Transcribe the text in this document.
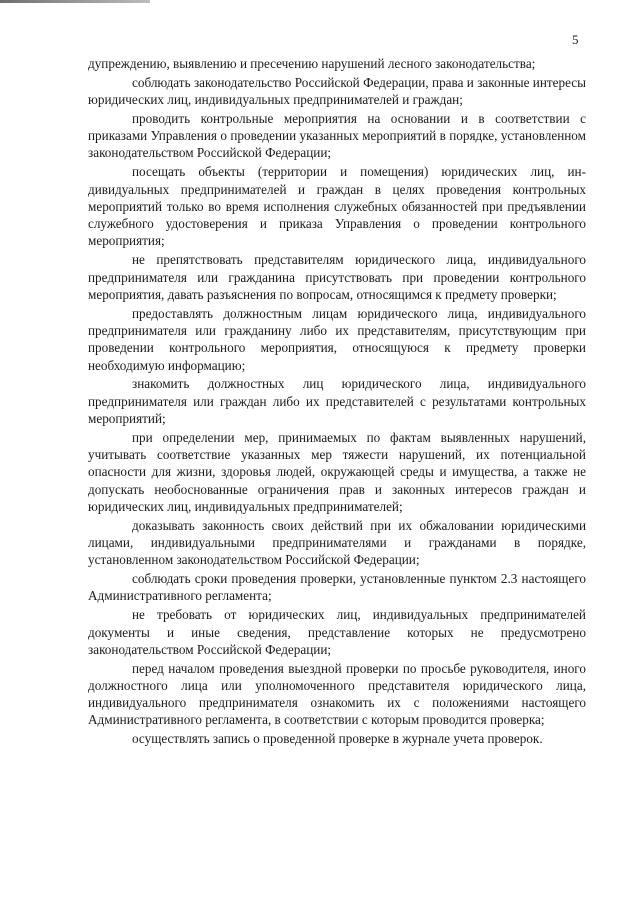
5

дупреждению, выявлению и пресечению нарушений лесного законодательства;

соблюдать законодательство Российской Федерации, права и законные интересы юридических лиц, индивидуальных предпринимателей и граждан;

проводить контрольные мероприятия на основании и в соответствии с приказами Управления о проведении указанных мероприятий в порядке, установленном законодательством Российской Федерации;

посещать объекты (территории и помещения) юридических лиц, индивидуальных предпринимателей и граждан в целях проведения контрольных мероприятий только во время исполнения служебных обязанностей при предъявлении служебного удостоверения и приказа Управления о проведении контрольного мероприятия;

не препятствовать представителям юридического лица, индивидуального предпринимателя или гражданина присутствовать при проведении контрольного мероприятия, давать разъяснения по вопросам, относящимся к предмету проверки;

предоставлять должностным лицам юридического лица, индивидуального предпринимателя или гражданину либо их представителям, присутствующим при проведении контрольного мероприятия, относящуюся к предмету проверки необходимую информацию;

знакомить должностных лиц юридического лица, индивидуального предпринимателя или граждан либо их представителей с результатами контрольных мероприятий;

при определении мер, принимаемых по фактам выявленных нарушений, учитывать соответствие указанных мер тяжести нарушений, их потенциальной опасности для жизни, здоровья людей, окружающей среды и имущества, а также не допускать необоснованные ограничения прав и законных интересов граждан и юридических лиц, индивидуальных предпринимателей;

доказывать законность своих действий при их обжаловании юридическими лицами, индивидуальными предпринимателями и гражданами в порядке, установленном законодательством Российской Федерации;

соблюдать сроки проведения проверки, установленные пунктом 2.3 настоящего Административного регламента;

не требовать от юридических лиц, индивидуальных предпринимателей документы и иные сведения, представление которых не предусмотрено законодательством Российской Федерации;

перед началом проведения выездной проверки по просьбе руководителя, иного должностного лица или уполномоченного представителя юридического лица, индивидуального предпринимателя ознакомить их с положениями настоящего Административного регламента, в соответствии с которым проводится проверка;

осуществлять запись о проведенной проверке в журнале учета проверок.
